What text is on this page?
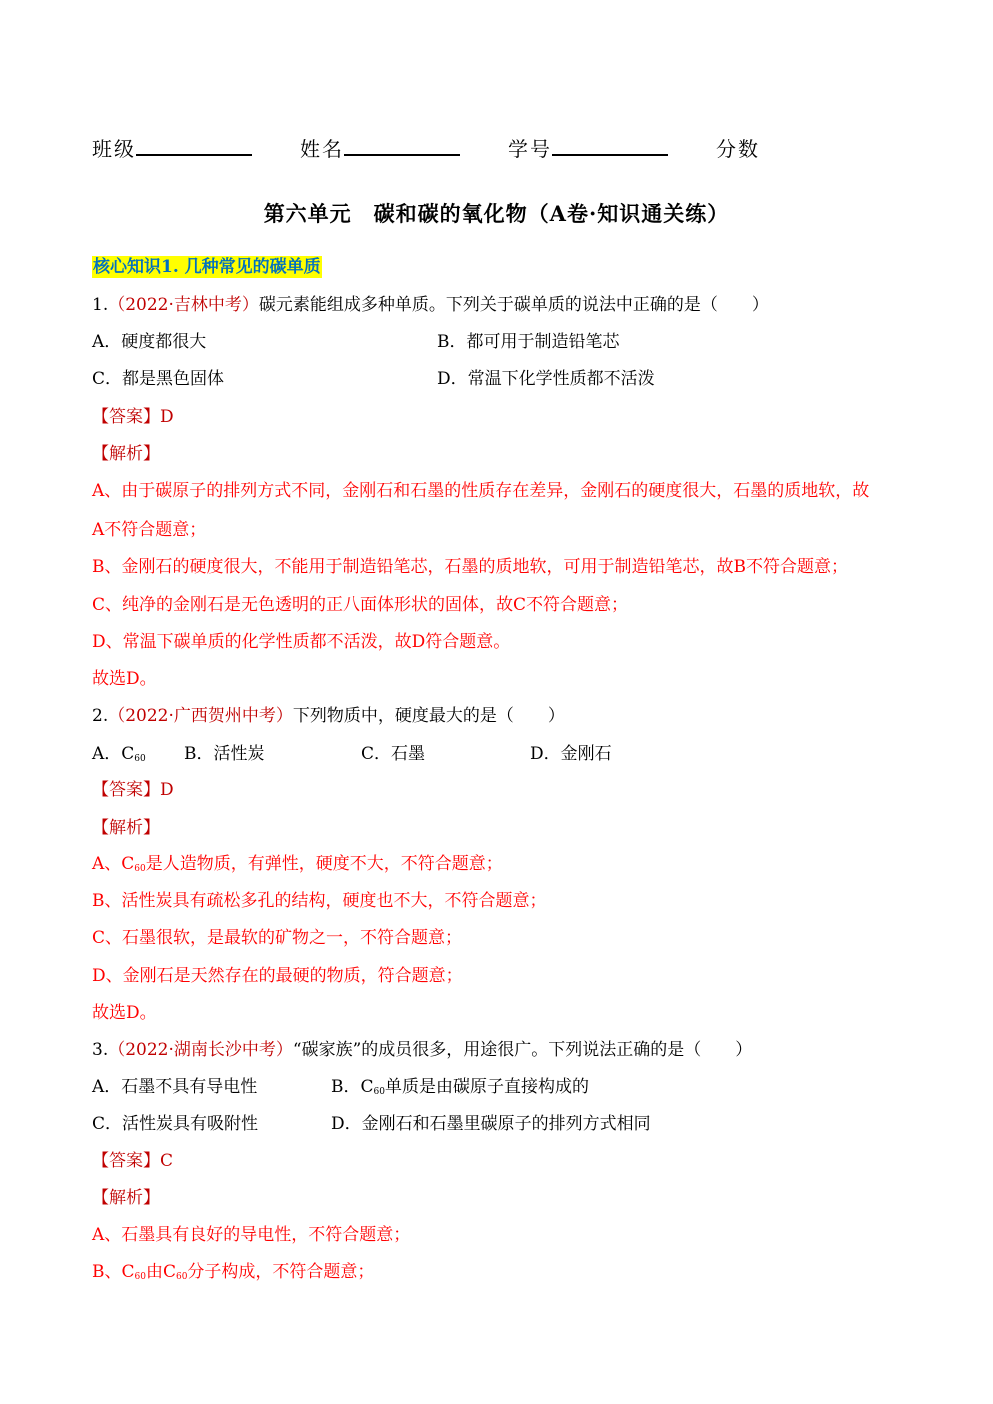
班级	姓名	学号	分数
第六单元　碳和碳的氧化物（A卷·知识通关练）
核心知识1. 几种常见的碳单质
1.（2022·吉林中考）碳元素能组成多种单质。下列关于碳单质的说法中正确的是（　　）
A．硬度都很大	B．都可用于制造铅笔芯
C．都是黑色固体	D．常温下化学性质都不活泼
【答案】D
【解析】
A、由于碳原子的排列方式不同，金刚石和石墨的性质存在差异，金刚石的硬度很大，石墨的质地软，故
A不符合题意；
B、金刚石的硬度很大，不能用于制造铅笔芯，石墨的质地软，可用于制造铅笔芯，故B不符合题意；
C、纯净的金刚石是无色透明的正八面体形状的固体，故C不符合题意；
D、常温下碳单质的化学性质都不活泼，故D符合题意。
故选D。
2.（2022·广西贺州中考）下列物质中，硬度最大的是（　　）
A．$C_{60}$ B．活性炭	C．石墨	D．金刚石
【答案】D
【解析】
A、$C_{60}$是人造物质，有弹性，硬度不大，不符合题意；
B、活性炭具有疏松多孔的结构，硬度也不大，不符合题意；
C、石墨很软，是最软的矿物之一，不符合题意；
D、金刚石是天然存在的最硬的物质，符合题意；
故选D。
3.（2022·湖南长沙中考）“碳家族”的成员很多，用途很广。下列说法正确的是（　　）
A．石墨不具有导电性	B．$C_{60}$单质是由碳原子直接构成的
C．活性炭具有吸附性	D．金刚石和石墨里碳原子的排列方式相同
【答案】C
【解析】
A、石墨具有良好的导电性，不符合题意；
B、$C_{60}$由$C_{60}$分子构成，不符合题意；
